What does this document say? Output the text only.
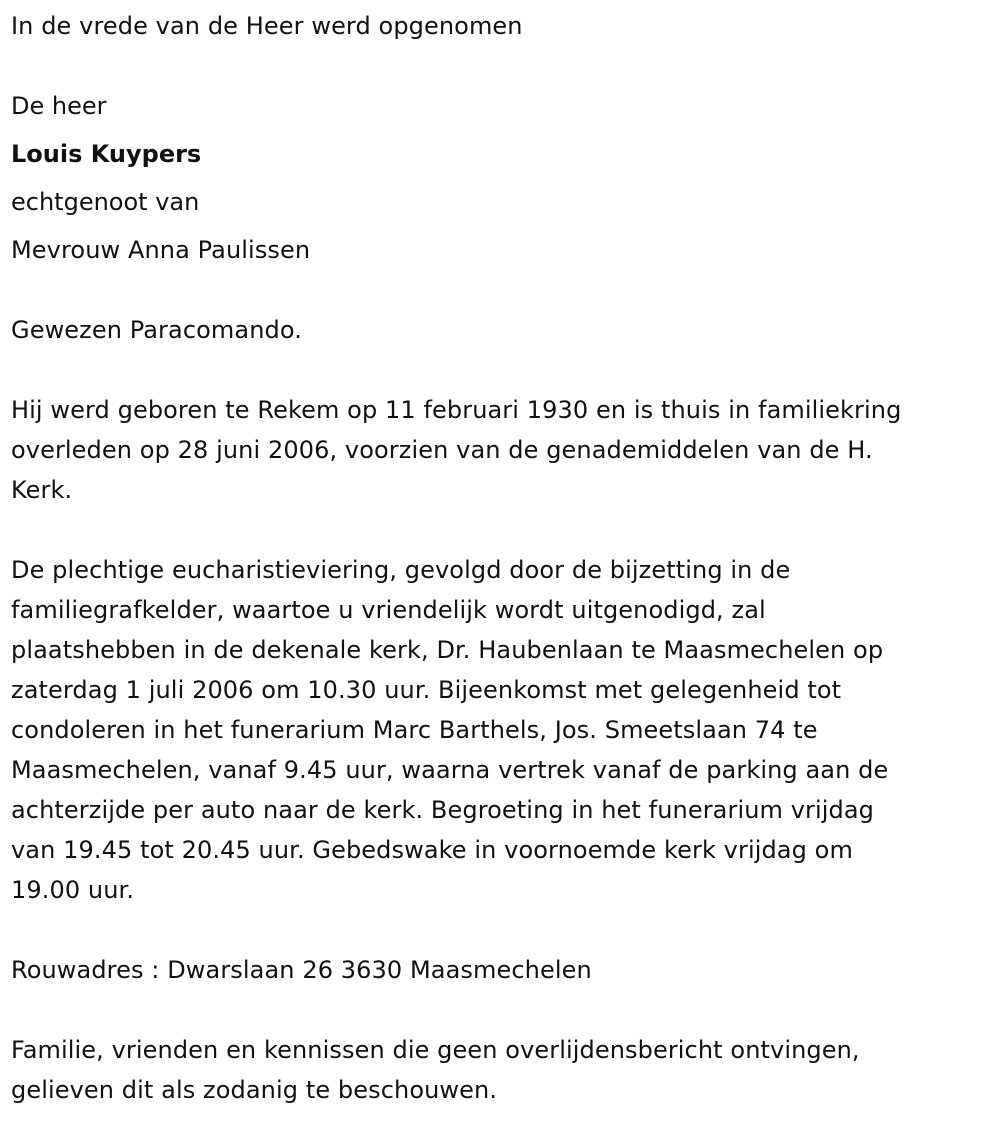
In de vrede van de Heer werd opgenomen
De heer
Louis Kuypers
echtgenoot van
Mevrouw Anna Paulissen
Gewezen Paracomando.
Hij werd geboren te Rekem op 11 februari 1930 en is thuis in familiekring
overleden op 28 juni 2006, voorzien van de genademiddelen van de H.
Kerk.
De plechtige eucharistieviering, gevolgd door de bijzetting in de
familiegrafkelder, waartoe u vriendelijk wordt uitgenodigd, zal
plaatshebben in de dekenale kerk, Dr. Haubenlaan te Maasmechelen op
zaterdag 1 juli 2006 om 10.30 uur. Bijeenkomst met gelegenheid tot
condoleren in het funerarium Marc Barthels, Jos. Smeetslaan 74 te
Maasmechelen, vanaf 9.45 uur, waarna vertrek vanaf de parking aan de
achterzijde per auto naar de kerk. Begroeting in het funerarium vrijdag
van 19.45 tot 20.45 uur. Gebedswake in voornoemde kerk vrijdag om
19.00 uur.
Rouwadres : Dwarslaan 26 3630 Maasmechelen
Familie, vrienden en kennissen die geen overlijdensbericht ontvingen,
gelieven dit als zodanig te beschouwen.
